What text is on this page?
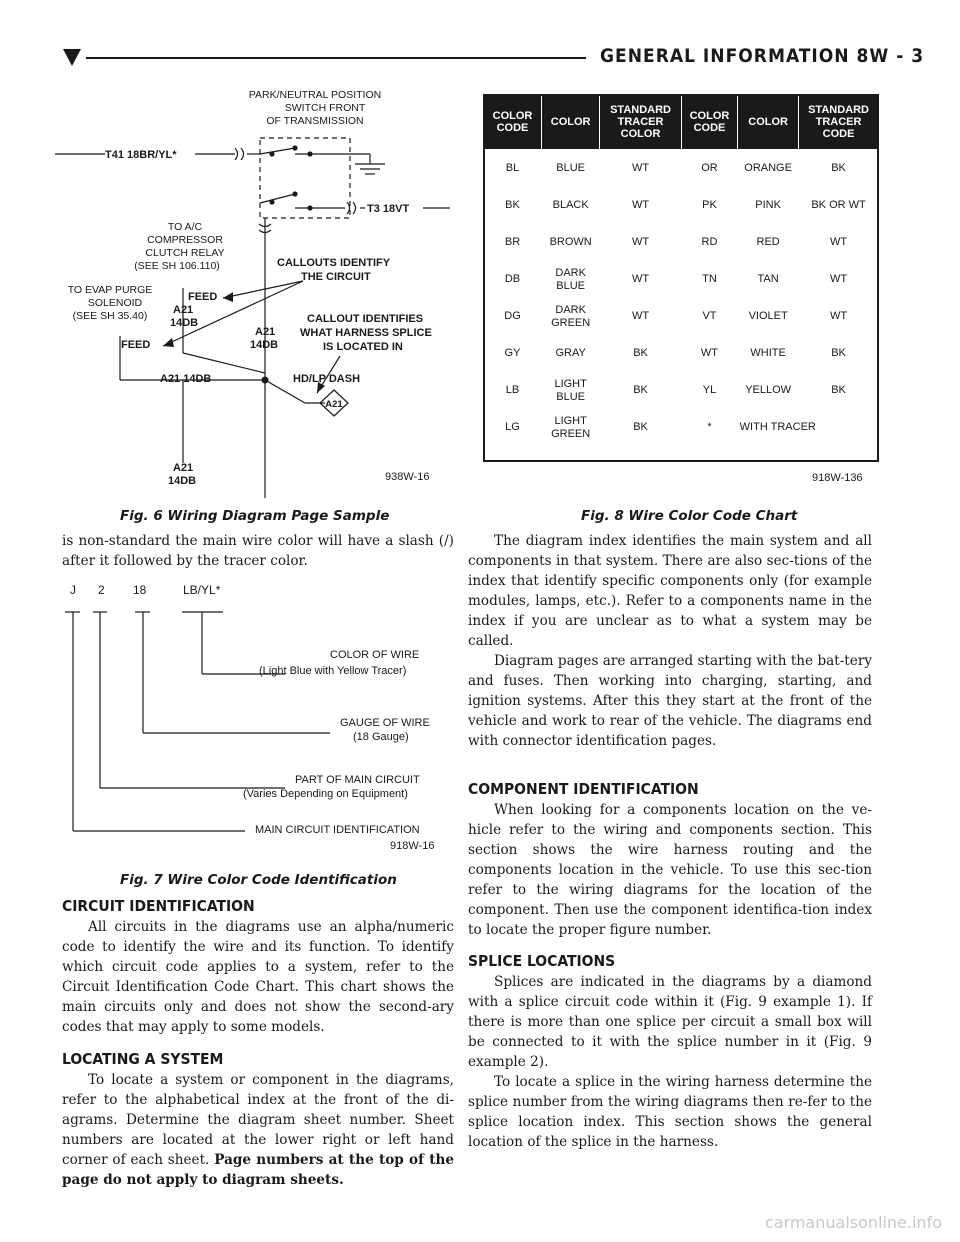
GENERAL INFORMATION 8W - 3
PARK/NEUTRAL POSITION
SWITCH FRONT
OF TRANSMISSION
T41 18BR/YL*
T3 18VT
TO A/C
COMPRESSOR
CLUTCH RELAY
(SEE SH 106.110)
TO EVAP PURGE
SOLENOID
(SEE SH 35.40)
FEED
A21
14DB
CALLOUTS IDENTIFY
THE CIRCUIT
CALLOUT IDENTIFIES
WHAT HARNESS SPLICE
IS LOCATED IN
A21
14DB
FEED
A21 14DB	HD/LP DASH
A21
14DB
A21
938W-16
Fig. 6 Wiring Diagram Page Sample

is non-standard the main wire color will have a slash (/) after it followed by the tracer color.

J 2 18	LB/YL*
COLOR OF WIRE
(Light Blue with Yellow Tracer)
GAUGE OF WIRE
(18 Gauge)
PART OF MAIN CIRCUIT
(Varies Depending on Equipment)
MAIN CIRCUIT IDENTIFICATION
918W-16
Fig. 7 Wire Color Code Identification
CIRCUIT IDENTIFICATION

All circuits in the diagrams use an alpha/numeric code to identify the wire and its function. To identify which circuit code applies to a system, refer to the Circuit Identification Code Chart. This chart shows the main circuits only and does not show the second-ary codes that may apply to some models.

LOCATING A SYSTEM

To locate a system or component in the diagrams, refer to the alphabetical index at the front of the di-agrams. Determine the diagram sheet number. Sheet numbers are located at the lower right or left hand corner of each sheet. Page numbers at the top of the page do not apply to diagram sheets.

COLOR CODE	COLOR	STANDARD TRACER COLOR	COLOR CODE	COLOR	STANDARD TRACER CODE
BL	BLUE	WT	OR	ORANGE	BK
BK	BLACK	WT	PK	PINK	BK OR WT
BR	BROWN	WT	RD	RED	WT
DB	DARK BLUE	WT	TN	TAN	WT
DG	DARK GREEN	WT	VT	VIOLET	WT
GY	GRAY	BK	WT	WHITE	BK
LB	LIGHT BLUE	BK	YL	YELLOW	BK
LG	LIGHT GREEN	BK	*	WITH TRACER	
918W-136
Fig. 8 Wire Color Code Chart

The diagram index identifies the main system and all components in that system. There are also sec-tions of the index that identify specific components only (for example modules, lamps, etc.). Refer to a components name in the index if you are unclear as to what a system may be called.

Diagram pages are arranged starting with the bat-tery and fuses. Then working into charging, starting, and ignition systems. After this they start at the front of the vehicle and work to rear of the vehicle. The diagrams end with connector identification pages.

COMPONENT IDENTIFICATION

When looking for a components location on the ve-hicle refer to the wiring and components section. This section shows the wire harness routing and the components location in the vehicle. To use this sec-tion refer to the wiring diagrams for the location of the component. Then use the component identifica-tion index to locate the proper figure number.

SPLICE LOCATIONS

Splices are indicated in the diagrams by a diamond with a splice circuit code within it (Fig. 9 example 1). If there is more than one splice per circuit a small box will be connected to it with the splice number in it (Fig. 9 example 2).

To locate a splice in the wiring harness determine the splice number from the wiring diagrams then re-fer to the splice location index. This section shows the general location of the splice in the harness.

carmanualsonline.info
